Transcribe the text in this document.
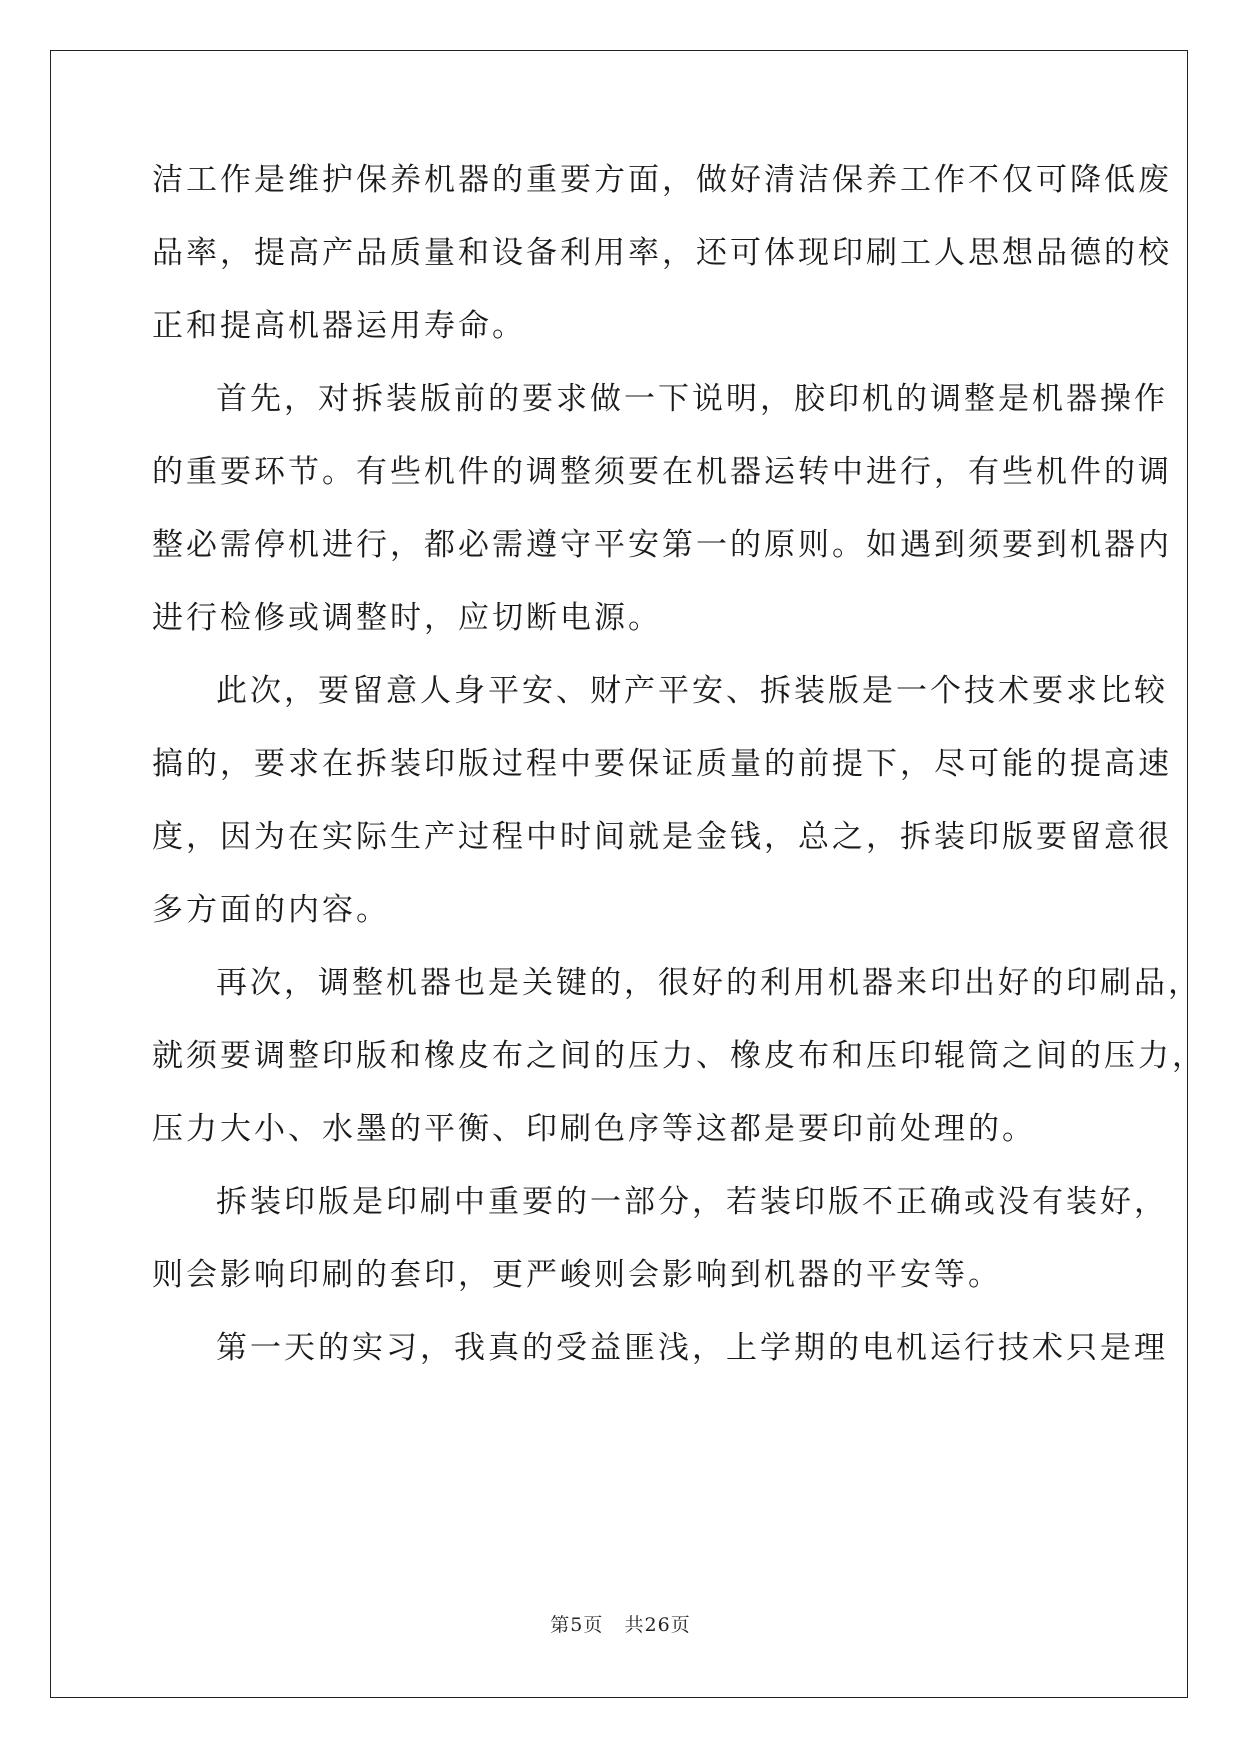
洁工作是维护保养机器的重要方面，做好清洁保养工作不仅可降低废
品率，提高产品质量和设备利用率，还可体现印刷工人思想品德的校
正和提高机器运用寿命。
首先，对拆装版前的要求做一下说明，胶印机的调整是机器操作
的重要环节。有些机件的调整须要在机器运转中进行，有些机件的调
整必需停机进行，都必需遵守平安第一的原则。如遇到须要到机器内
进行检修或调整时，应切断电源。
此次，要留意人身平安、财产平安、拆装版是一个技术要求比较
搞的，要求在拆装印版过程中要保证质量的前提下，尽可能的提高速
度，因为在实际生产过程中时间就是金钱，总之，拆装印版要留意很
多方面的内容。
再次，调整机器也是关键的，很好的利用机器来印出好的印刷品，
就须要调整印版和橡皮布之间的压力、橡皮布和压印辊筒之间的压力，
压力大小、水墨的平衡、印刷色序等这都是要印前处理的。
拆装印版是印刷中重要的一部分，若装印版不正确或没有装好，
则会影响印刷的套印，更严峻则会影响到机器的平安等。
第一天的实习，我真的受益匪浅，上学期的电机运行技术只是理
第5页 共26页
